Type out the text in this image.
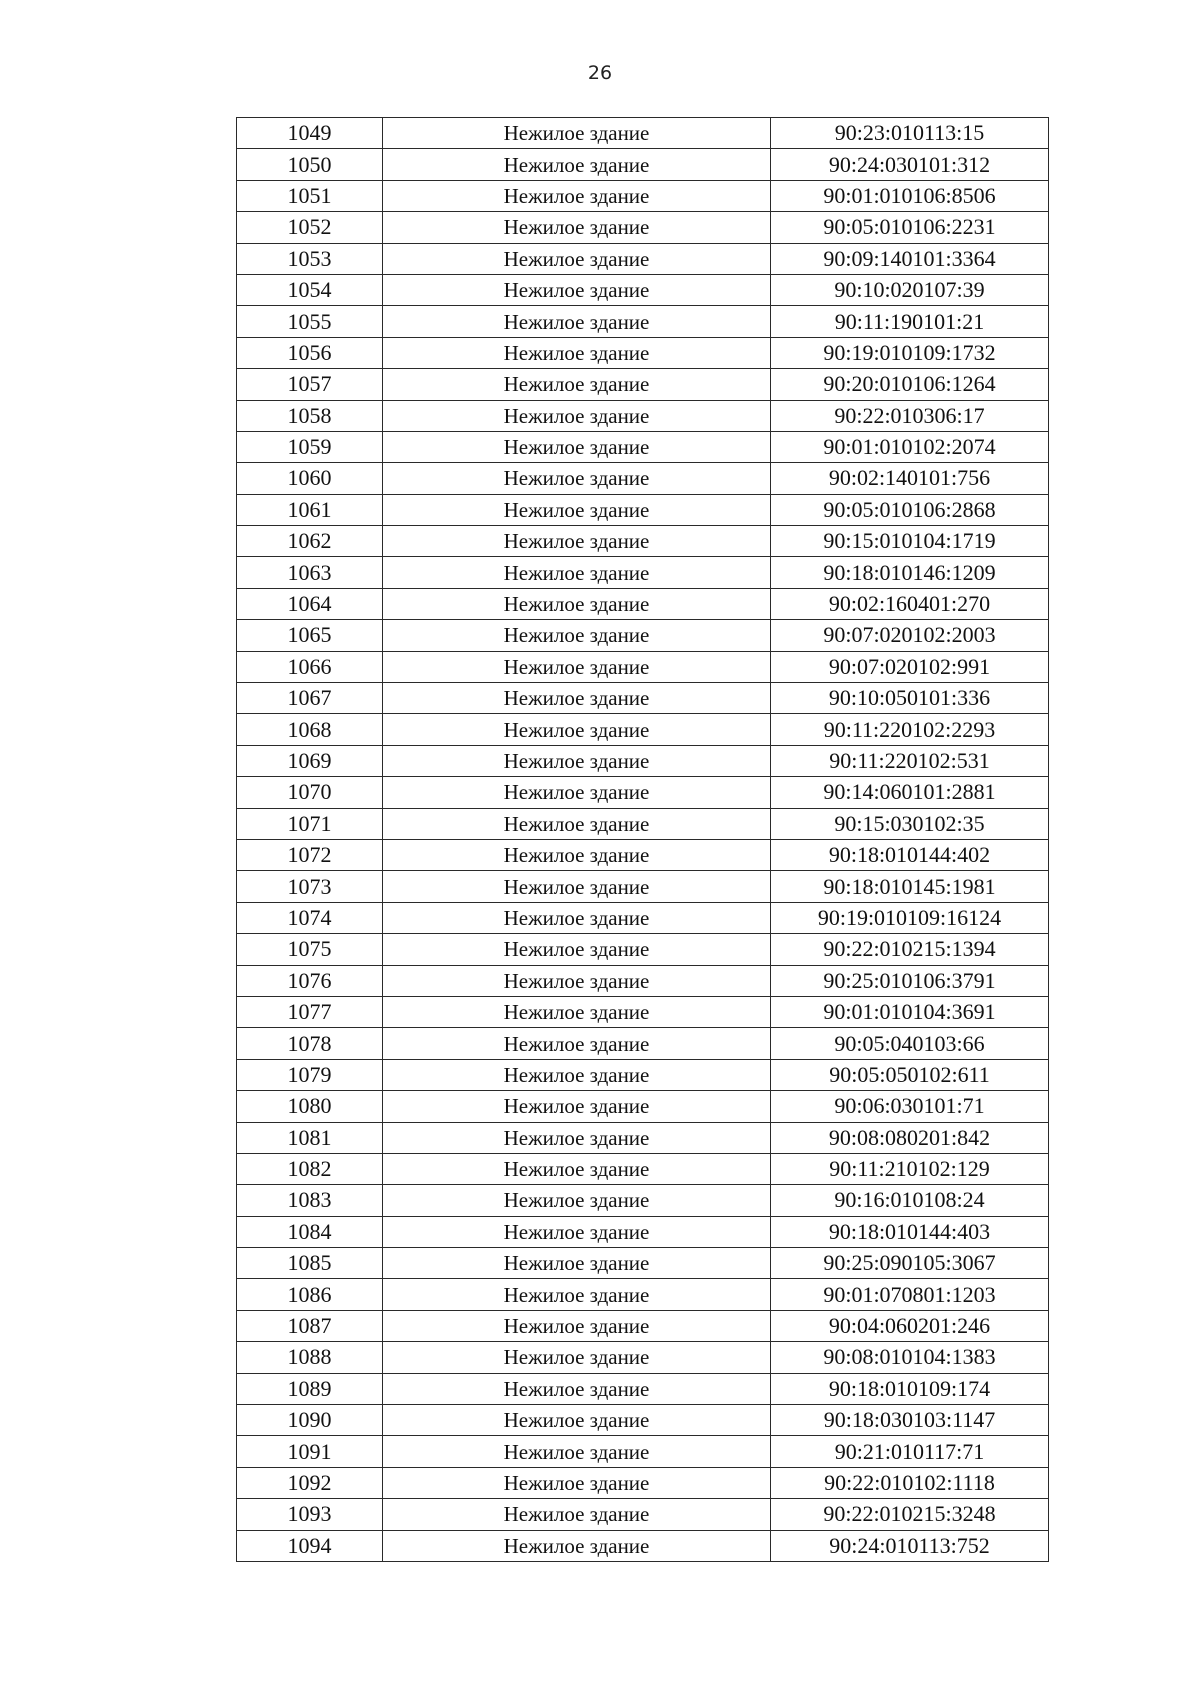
26
1049	Нежилое здание	90:23:010113:15
1050	Нежилое здание	90:24:030101:312
1051	Нежилое здание	90:01:010106:8506
1052	Нежилое здание	90:05:010106:2231
1053	Нежилое здание	90:09:140101:3364
1054	Нежилое здание	90:10:020107:39
1055	Нежилое здание	90:11:190101:21
1056	Нежилое здание	90:19:010109:1732
1057	Нежилое здание	90:20:010106:1264
1058	Нежилое здание	90:22:010306:17
1059	Нежилое здание	90:01:010102:2074
1060	Нежилое здание	90:02:140101:756
1061	Нежилое здание	90:05:010106:2868
1062	Нежилое здание	90:15:010104:1719
1063	Нежилое здание	90:18:010146:1209
1064	Нежилое здание	90:02:160401:270
1065	Нежилое здание	90:07:020102:2003
1066	Нежилое здание	90:07:020102:991
1067	Нежилое здание	90:10:050101:336
1068	Нежилое здание	90:11:220102:2293
1069	Нежилое здание	90:11:220102:531
1070	Нежилое здание	90:14:060101:2881
1071	Нежилое здание	90:15:030102:35
1072	Нежилое здание	90:18:010144:402
1073	Нежилое здание	90:18:010145:1981
1074	Нежилое здание	90:19:010109:16124
1075	Нежилое здание	90:22:010215:1394
1076	Нежилое здание	90:25:010106:3791
1077	Нежилое здание	90:01:010104:3691
1078	Нежилое здание	90:05:040103:66
1079	Нежилое здание	90:05:050102:611
1080	Нежилое здание	90:06:030101:71
1081	Нежилое здание	90:08:080201:842
1082	Нежилое здание	90:11:210102:129
1083	Нежилое здание	90:16:010108:24
1084	Нежилое здание	90:18:010144:403
1085	Нежилое здание	90:25:090105:3067
1086	Нежилое здание	90:01:070801:1203
1087	Нежилое здание	90:04:060201:246
1088	Нежилое здание	90:08:010104:1383
1089	Нежилое здание	90:18:010109:174
1090	Нежилое здание	90:18:030103:1147
1091	Нежилое здание	90:21:010117:71
1092	Нежилое здание	90:22:010102:1118
1093	Нежилое здание	90:22:010215:3248
1094	Нежилое здание	90:24:010113:752
